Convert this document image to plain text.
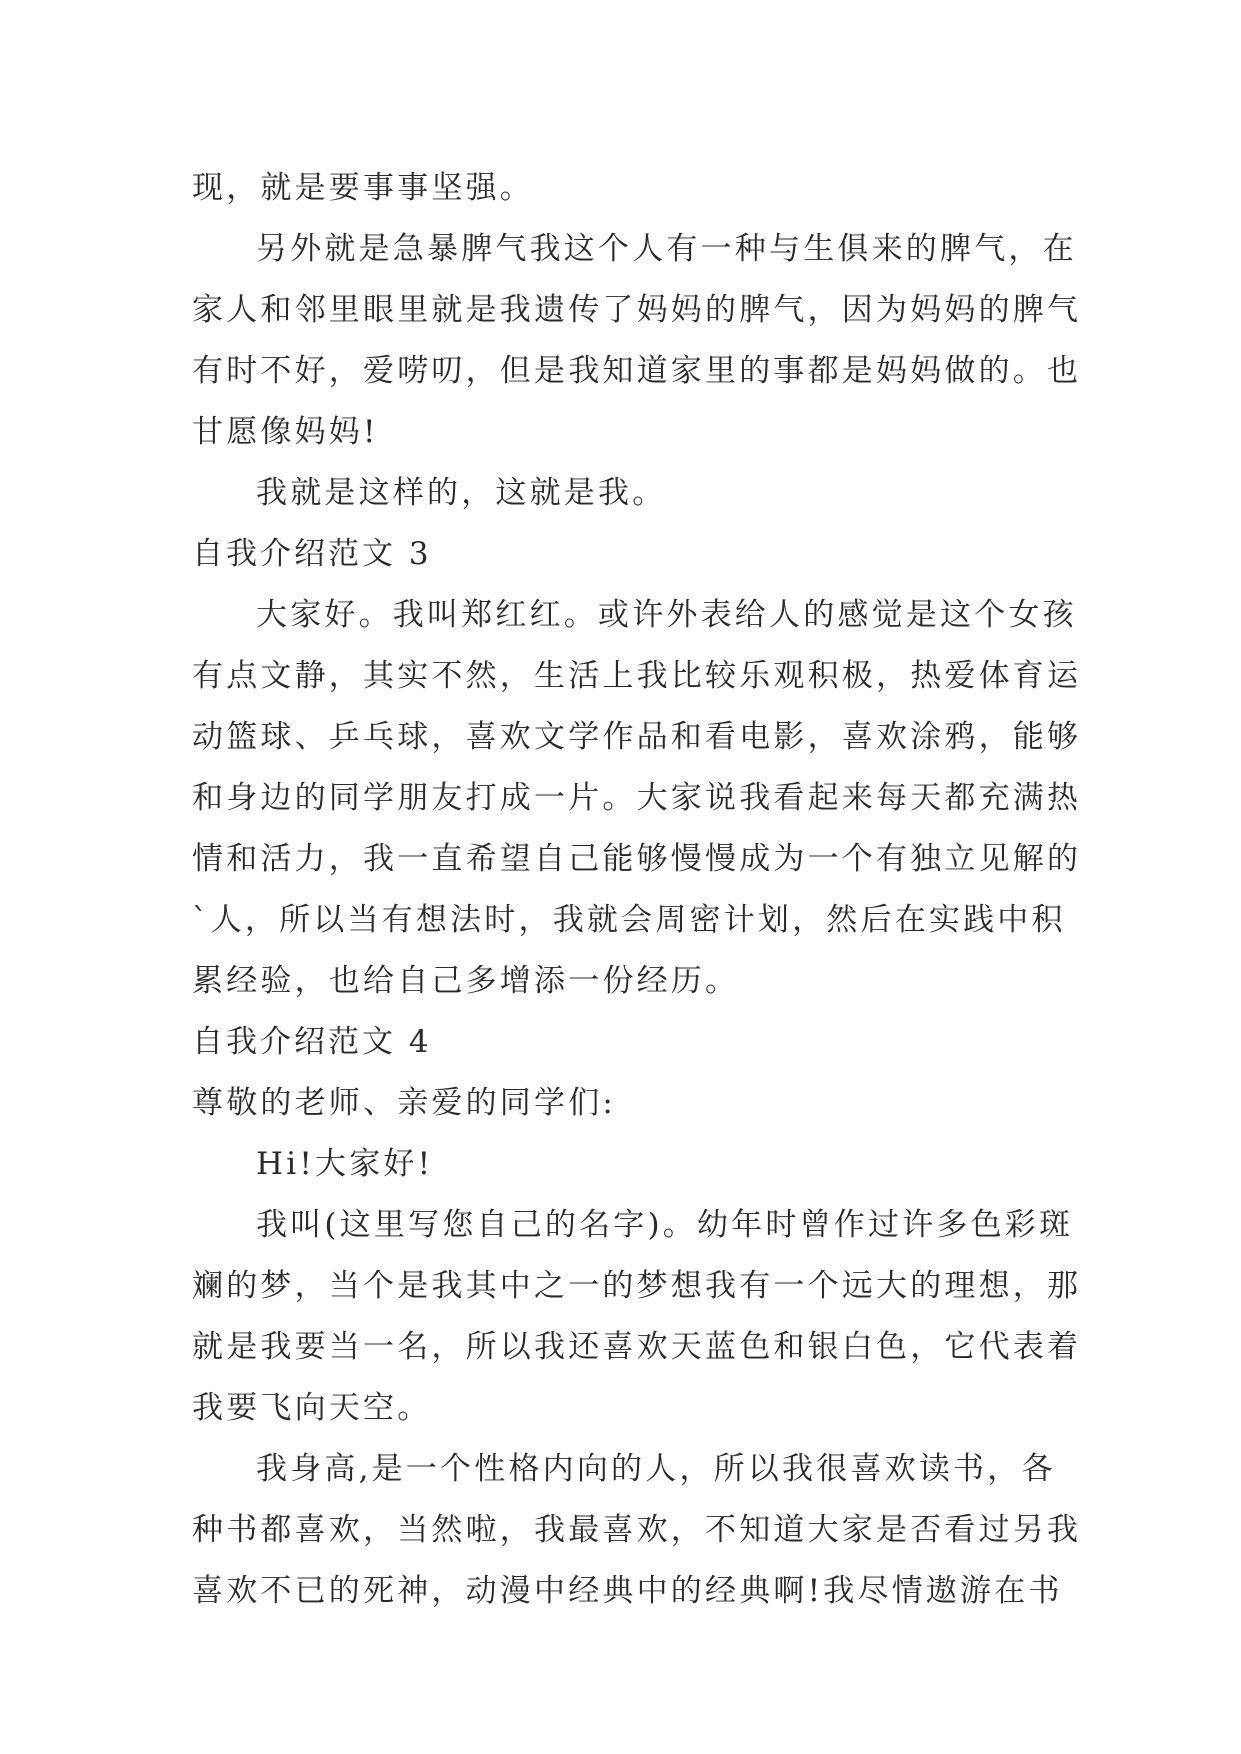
现，就是要事事坚强。
另外就是急暴脾气我这个人有一种与生俱来的脾气，在
家人和邻里眼里就是我遗传了妈妈的脾气，因为妈妈的脾气
有时不好，爱唠叨，但是我知道家里的事都是妈妈做的。也
甘愿像妈妈!
我就是这样的，这就是我。
自我介绍范文 3
大家好。我叫郑红红。或许外表给人的感觉是这个女孩
有点文静，其实不然，生活上我比较乐观积极，热爱体育运
动篮球、乒乓球，喜欢文学作品和看电影，喜欢涂鸦，能够
和身边的同学朋友打成一片。大家说我看起来每天都充满热
情和活力，我一直希望自己能够慢慢成为一个有独立见解的
`人，所以当有想法时，我就会周密计划，然后在实践中积
累经验，也给自己多增添一份经历。
自我介绍范文 4
尊敬的老师、亲爱的同学们:
Hi!大家好!
我叫(这里写您自己的名字)。幼年时曾作过许多色彩斑
斓的梦，当个是我其中之一的梦想我有一个远大的理想，那
就是我要当一名，所以我还喜欢天蓝色和银白色，它代表着
我要飞向天空。
我身高,是一个性格内向的人，所以我很喜欢读书，各
种书都喜欢，当然啦，我最喜欢，不知道大家是否看过另我
喜欢不已的死神，动漫中经典中的经典啊!我尽情遨游在书
